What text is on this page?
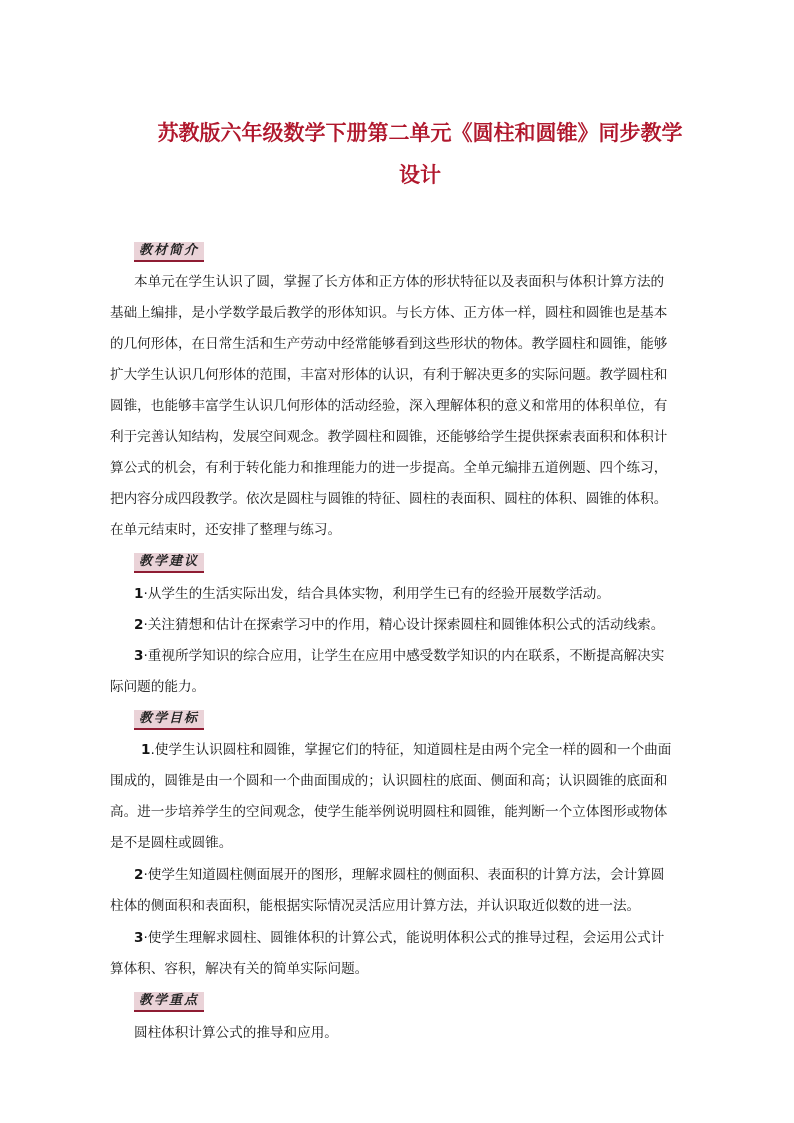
苏教版六年级数学下册第二单元《圆柱和圆锥》同步教学
设计
教材简介
本单元在学生认识了圆，掌握了长方体和正方体的形状特征以及表面积与体积计算方法的
基础上编排，是小学数学最后教学的形体知识。与长方体、正方体一样，圆柱和圆锥也是基本
的几何形体，在日常生活和生产劳动中经常能够看到这些形状的物体。教学圆柱和圆锥，能够
扩大学生认识几何形体的范围，丰富对形体的认识，有利于解决更多的实际问题。教学圆柱和
圆锥，也能够丰富学生认识几何形体的活动经验，深入理解体积的意义和常用的体积单位，有
利于完善认知结构，发展空间观念。教学圆柱和圆锥，还能够给学生提供探索表面积和体积计
算公式的机会，有利于转化能力和推理能力的进一步提高。全单元编排五道例题、四个练习，
把内容分成四段教学。依次是圆柱与圆锥的特征、圆柱的表面积、圆柱的体积、圆锥的体积。
在单元结束时，还安排了整理与练习。
教学建议
1·从学生的生活实际出发，结合具体实物，利用学生已有的经验开展数学活动。
2·关注猜想和估计在探索学习中的作用，精心设计探索圆柱和圆锥体积公式的活动线索。
3·重视所学知识的综合应用，让学生在应用中感受数学知识的内在联系，不断提高解决实
际问题的能力。
教学目标
1.使学生认识圆柱和圆锥，掌握它们的特征，知道圆柱是由两个完全一样的圆和一个曲面
围成的，圆锥是由一个圆和一个曲面围成的；认识圆柱的底面、侧面和高；认识圆锥的底面和
高。进一步培养学生的空间观念，使学生能举例说明圆柱和圆锥，能判断一个立体图形或物体
是不是圆柱或圆锥。
2·使学生知道圆柱侧面展开的图形，理解求圆柱的侧面积、表面积的计算方法，会计算圆
柱体的侧面积和表面积，能根据实际情况灵活应用计算方法，并认识取近似数的进一法。
3·使学生理解求圆柱、圆锥体积的计算公式，能说明体积公式的推导过程，会运用公式计
算体积、容积，解决有关的简单实际问题。
教学重点
圆柱体积计算公式的推导和应用。
